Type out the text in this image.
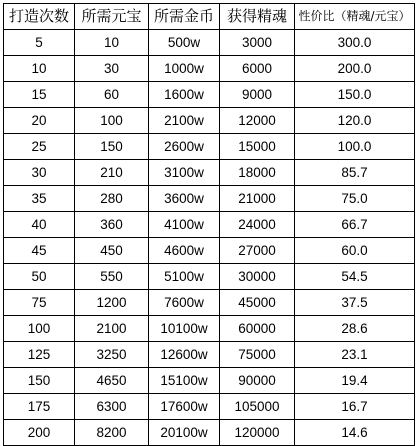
打造次数	所需元宝	所需金币	获得精魂	性价比（精魂/元宝）
5	10	500w	3000	300.0
10	30	1000w	6000	200.0
15	60	1600w	9000	150.0
20	100	2100w	12000	120.0
25	150	2600w	15000	100.0
30	210	3100w	18000	85.7
35	280	3600w	21000	75.0
40	360	4100w	24000	66.7
45	450	4600w	27000	60.0
50	550	5100w	30000	54.5
75	1200	7600w	45000	37.5
100	2100	10100w	60000	28.6
125	3250	12600w	75000	23.1
150	4650	15100w	90000	19.4
175	6300	17600w	105000	16.7
200	8200	20100w	120000	14.6
